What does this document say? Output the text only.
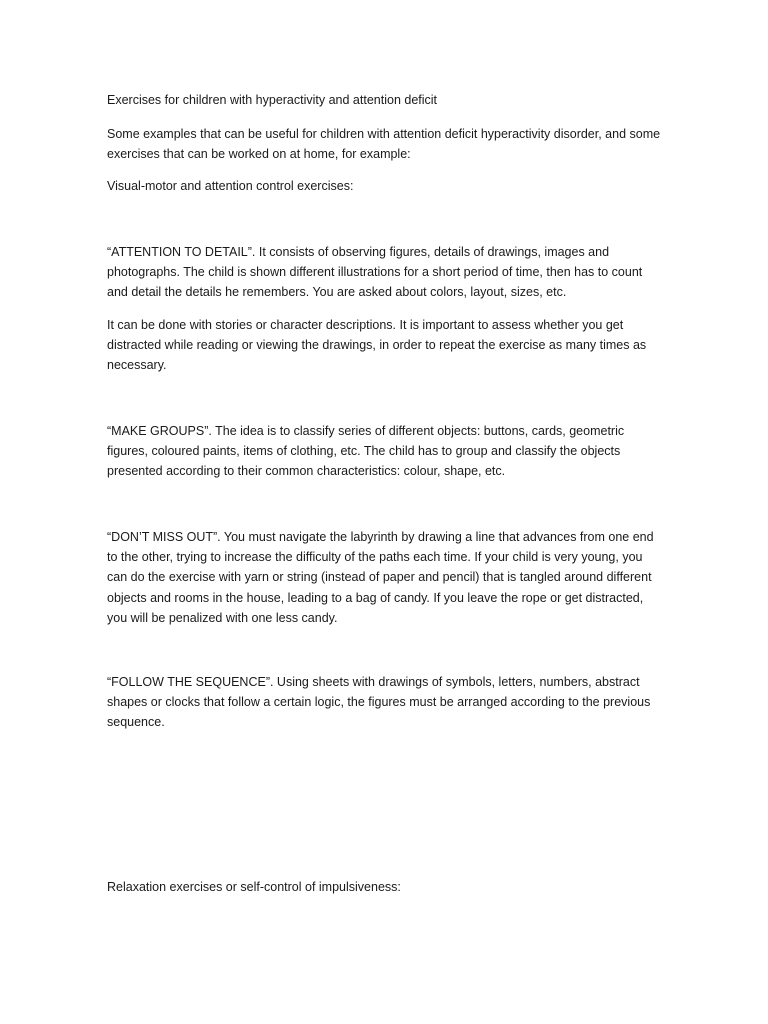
Exercises for children with hyperactivity and attention deficit

Some examples that can be useful for children with attention deficit hyperactivity disorder, and some exercises that can be worked on at home, for example:

Visual-motor and attention control exercises:

“ATTENTION TO DETAIL”. It consists of observing figures, details of drawings, images and photographs. The child is shown different illustrations for a short period of time, then has to count and detail the details he remembers. You are asked about colors, layout, sizes, etc.

It can be done with stories or character descriptions. It is important to assess whether you get distracted while reading or viewing the drawings, in order to repeat the exercise as many times as necessary.

“MAKE GROUPS”. The idea is to classify series of different objects: buttons, cards, geometric figures, coloured paints, items of clothing, etc. The child has to group and classify the objects presented according to their common characteristics: colour, shape, etc.

“DON’T MISS OUT”. You must navigate the labyrinth by drawing a line that advances from one end to the other, trying to increase the difficulty of the paths each time. If your child is very young, you can do the exercise with yarn or string (instead of paper and pencil) that is tangled around different objects and rooms in the house, leading to a bag of candy. If you leave the rope or get distracted, you will be penalized with one less candy.

“FOLLOW THE SEQUENCE”. Using sheets with drawings of symbols, letters, numbers, abstract shapes or clocks that follow a certain logic, the figures must be arranged according to the previous sequence.

Relaxation exercises or self-control of impulsiveness:
